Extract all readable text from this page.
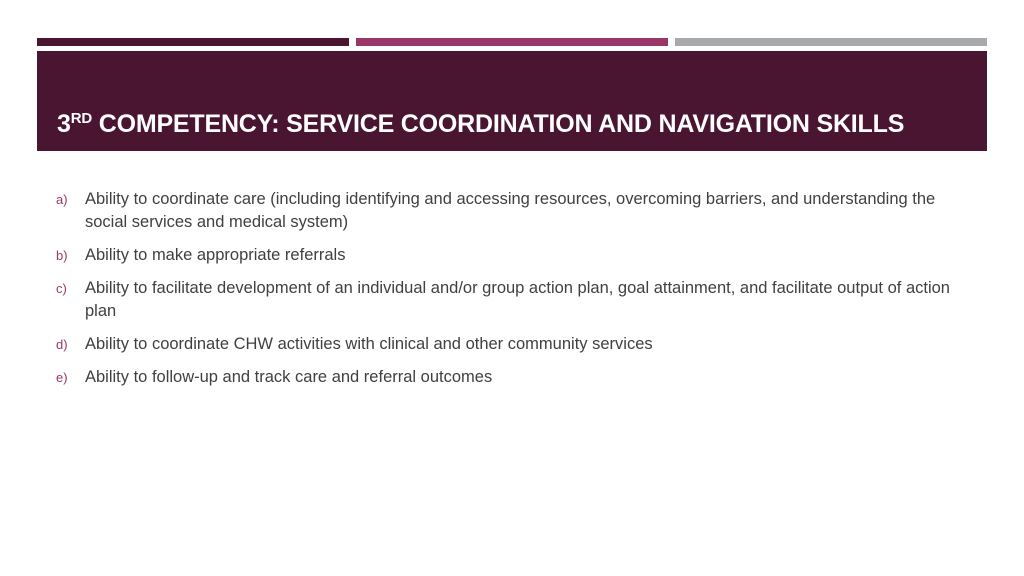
3RD COMPETENCY: SERVICE COORDINATION AND NAVIGATION SKILLS
a)	Ability to coordinate care (including identifying and accessing resources, overcoming barriers, and understanding the social services and medical system)
b)	Ability to make appropriate referrals
c)	Ability to facilitate development of an individual and/or group action plan, goal attainment, and facilitate output of action plan
d)	Ability to coordinate CHW activities with clinical and other community services
e)	Ability to follow-up and track care and referral outcomes
